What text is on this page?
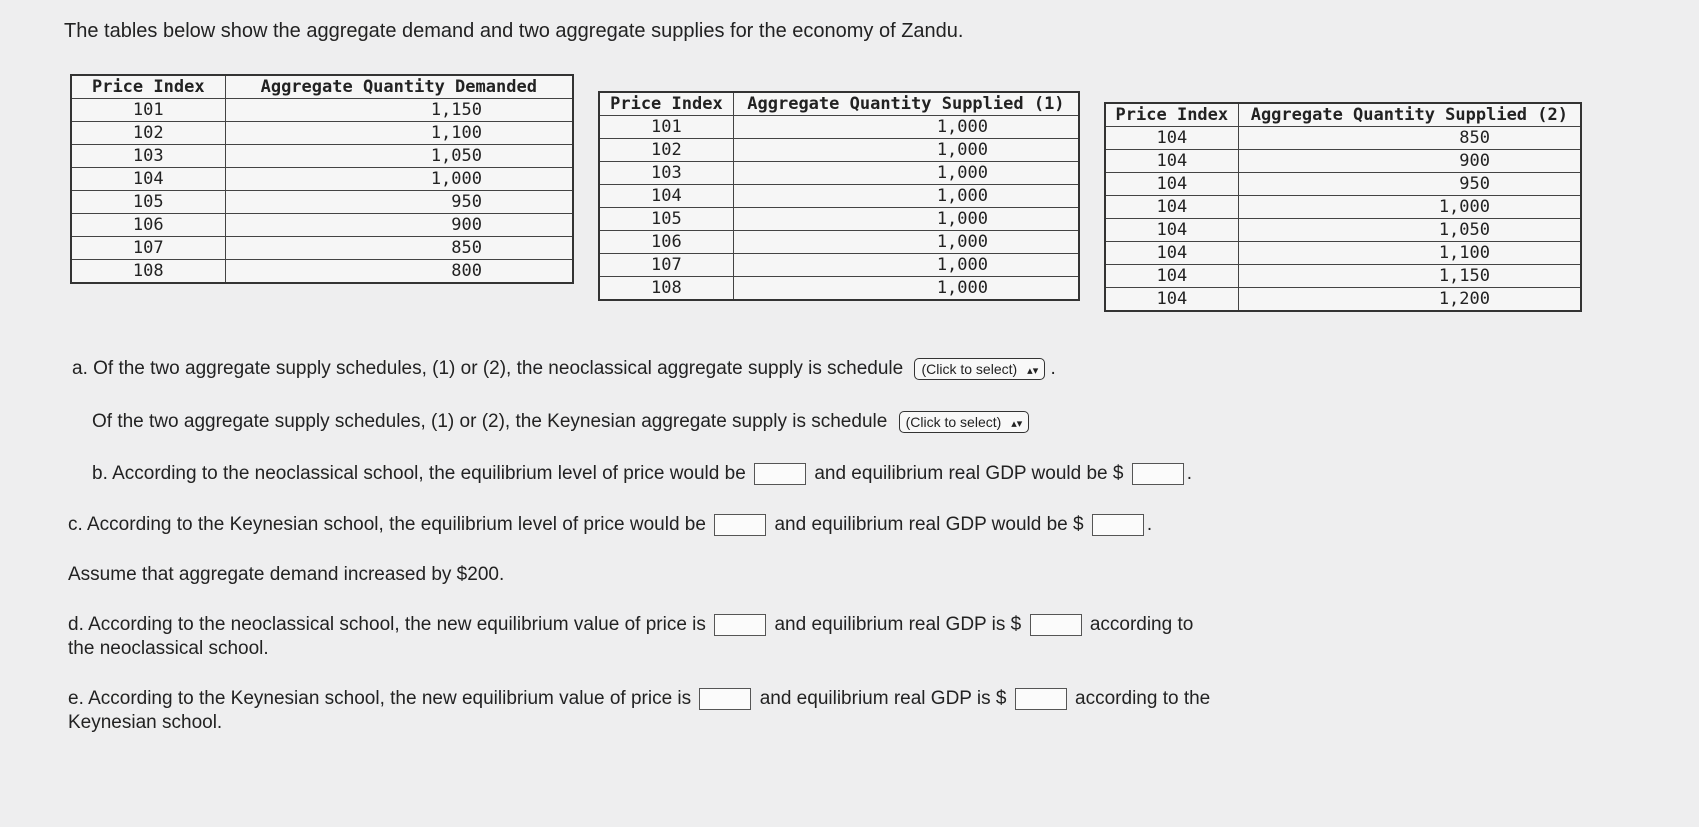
The tables below show the aggregate demand and two aggregate supplies for the economy of Zandu.
Price Index	Aggregate Quantity Demanded
101	1,150
102	1,100
103	1,050
104	1,000
105	950
106	900
107	850
108	800
Price Index	Aggregate Quantity Supplied (1)
101	1,000
102	1,000
103	1,000
104	1,000
105	1,000
106	1,000
107	1,000
108	1,000
Price Index	Aggregate Quantity Supplied (2)
104	850
104	900
104	950
104	1,000
104	1,050
104	1,100
104	1,150
104	1,200
a. Of the two aggregate supply schedules, (1) or (2), the neoclassical aggregate supply is schedule (Click to select) ▴▾ .
Of the two aggregate supply schedules, (1) or (2), the Keynesian aggregate supply is schedule (Click to select) ▴▾
b. According to the neoclassical school, the equilibrium level of price would be	and equilibrium real GDP would be $	.
c. According to the Keynesian school, the equilibrium level of price would be	and equilibrium real GDP would be $	.
Assume that aggregate demand increased by $200.
d. According to the neoclassical school, the new equilibrium value of price is	and equilibrium real GDP is $	according to
the neoclassical school.
e. According to the Keynesian school, the new equilibrium value of price is	and equilibrium real GDP is $	according to the
Keynesian school.
